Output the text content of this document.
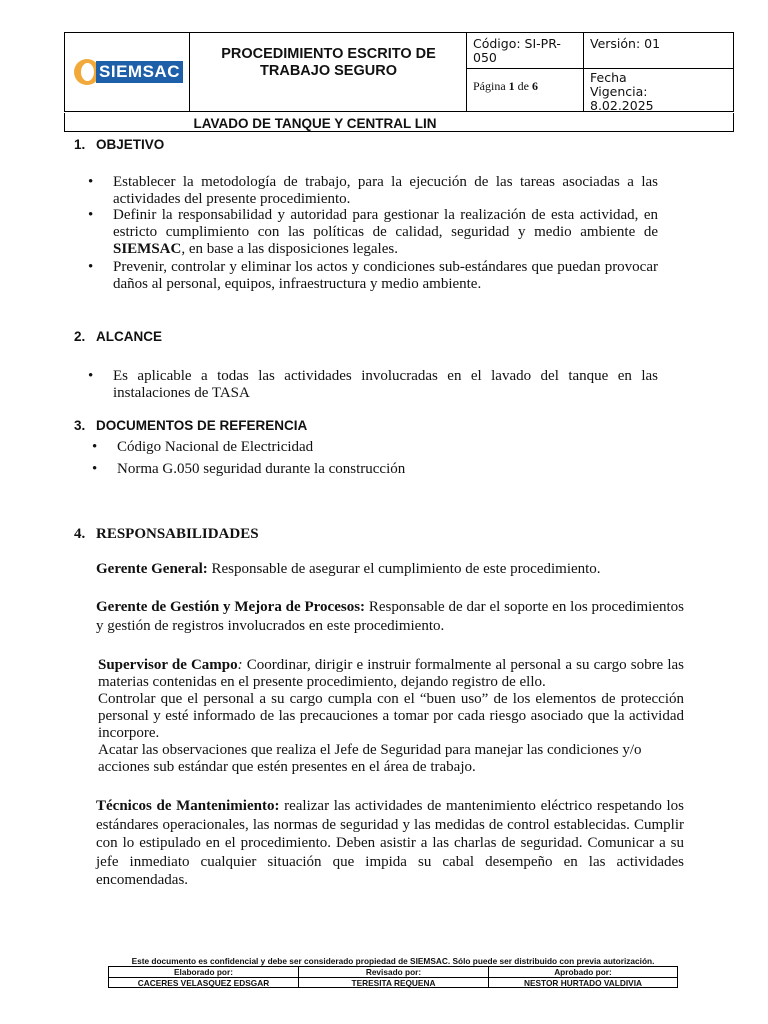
SIEMSAC
PROCEDIMIENTO ESCRITO DE
TRABAJO SEGURO
Código: SI-PR-050
Versión: 01
Página 1 de 6
Fecha
Vigencia:
8.02.2025
LAVADO DE TANQUE Y CENTRAL LIN
1. OBJETIVO
• Establecer la metodología de trabajo, para la ejecución de las tareas asociadas a las
actividades del presente procedimiento.
• Definir la responsabilidad y autoridad para gestionar la realización de esta actividad, en
estricto cumplimiento con las políticas de calidad, seguridad y medio ambiente de
SIEMSAC, en base a las disposiciones legales.
• Prevenir, controlar y eliminar los actos y condiciones sub-estándares que puedan provocar
daños al personal, equipos, infraestructura y medio ambiente.
2. ALCANCE
• Es aplicable a todas las actividades involucradas en el lavado del tanque en las
instalaciones de TASA
3. DOCUMENTOS DE REFERENCIA
• Código Nacional de Electricidad
• Norma G.050 seguridad durante la construcción
4. RESPONSABILIDADES
Gerente General: Responsable de asegurar el cumplimiento de este procedimiento.
Gerente de Gestión y Mejora de Procesos: Responsable de dar el soporte en los procedimientos y gestión de registros involucrados en este procedimiento.
Supervisor de Campo: Coordinar, dirigir e instruir formalmente al personal a su cargo sobre las materias contenidas en el presente procedimiento, dejando registro de ello.
Controlar que el personal a su cargo cumpla con el “buen uso” de los elementos de protección personal y esté informado de las precauciones a tomar por cada riesgo asociado que la actividad incorpore.
Acatar las observaciones que realiza el Jefe de Seguridad para manejar las condiciones y/o acciones sub estándar que estén presentes en el área de trabajo.
Técnicos de Mantenimiento: realizar las actividades de mantenimiento eléctrico respetando los estándares operacionales, las normas de seguridad y las medidas de control establecidas. Cumplir con lo estipulado en el procedimiento. Deben asistir a las charlas de seguridad. Comunicar a su jefe inmediato cualquier situación que impida su cabal desempeño en las actividades encomendadas.
Este documento es confidencial y debe ser considerado propiedad de SIEMSAC. Sólo puede ser distribuido con previa autorización.
Elaborado por:
CACERES VELASQUEZ EDSGAR
Revisado por:
TERESITA REQUENA
Aprobado por:
NESTOR HURTADO VALDIVIA
